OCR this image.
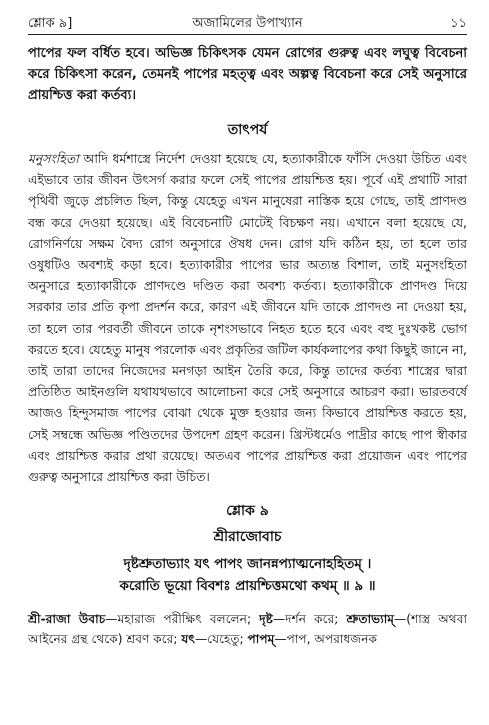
শ্লোক ৯]	অজামিলের উপাখ্যান	১১

পাপের ফল বর্ধিত হবে। অভিজ্ঞ চিকিৎসক যেমন রোগের গুরুত্ব এবং লঘুত্ব বিবেচনা করে চিকিৎসা করেন, তেমনই পাপের মহত্ত্ব এবং অল্পত্ব বিবেচনা করে সেই অনুসারে প্রায়শ্চিত্ত করা কর্তব্য।

তাৎপর্য

মনুসংহিতা আদি ধর্মশাস্ত্রে নির্দেশ দেওয়া হয়েছে যে, হত্যাকারীকে ফাঁসি দেওয়া উচিত এবং এইভাবে তার জীবন উৎসর্গ করার ফলে সেই পাপের প্রায়শ্চিত্ত হয়। পূর্বে এই প্রথাটি সারা পৃথিবী জুড়ে প্রচলিত ছিল, কিন্তু যেহেতু এখন মানুষেরা নাস্তিক হয়ে গেছে, তাই প্রাণদণ্ড বন্ধ করে দেওয়া হয়েছে। এই বিবেচনাটি মোটেই বিচক্ষণ নয়। এখানে বলা হয়েছে যে, রোগনির্ণয়ে সক্ষম বৈদ্য রোগ অনুসারে ঔষধ দেন। রোগ যদি কঠিন হয়, তা হলে তার ওষুধটিও অবশ্যই কড়া হবে। হত্যাকারীর পাপের ভার অত্যন্ত বিশাল, তাই মনুসংহিতা অনুসারে হত্যাকারীকে প্রাণদণ্ডে দণ্ডিত করা অবশ্য কর্তব্য। হত্যাকারীকে প্রাণদণ্ড দিয়ে সরকার তার প্রতি কৃপা প্রদর্শন করে, কারণ এই জীবনে যদি তাকে প্রাণদণ্ড না দেওয়া হয়, তা হলে তার পরবর্তী জীবনে তাকে নৃশংসভাবে নিহত হতে হবে এবং বহু দুঃখকষ্ট ভোগ করতে হবে। যেহেতু মানুষ পরলোক এবং প্রকৃতির জটিল কার্যকলাপের কথা কিছুই জানে না, তাই তারা তাদের নিজেদের মনগড়া আইন তৈরি করে, কিন্তু তাদের কর্তব্য শাস্ত্রের দ্বারা প্রতিষ্ঠিত আইনগুলি যথাযথভাবে আলোচনা করে সেই অনুসারে আচরণ করা। ভারতবর্ষে আজও হিন্দুসমাজ পাপের বোঝা থেকে মুক্ত হওয়ার জন্য কিভাবে প্রায়শ্চিত্ত করতে হয়, সেই সম্বন্ধে অভিজ্ঞ পণ্ডিতদের উপদেশ গ্রহণ করেন। খ্রিস্টধর্মেও পাদ্রীর কাছে পাপ স্বীকার এবং প্রায়শ্চিত্ত করার প্রথা রয়েছে। অতএব পাপের প্রায়শ্চিত্ত করা প্রয়োজন এবং পাপের গুরুত্ব অনুসারে প্রায়শ্চিত্ত করা উচিত।

শ্লোক ৯
শ্রীরাজোবাচ

দৃষ্টশ্রুতাভ্যাং যৎ পাপং জানন্নপ্যাত্মনোহহিতম্ ।

করোতি ভূয়ো বিবশঃ প্রায়শ্চিত্তমথো কথম্ ॥ ৯ ॥

শ্রী-রাজা উবাচ—মহারাজ পরীক্ষিৎ বললেন; দৃষ্ট—দর্শন করে; শ্রুতাভ্যাম্—(শাস্ত্র অথবা আইনের গ্রন্থ থেকে) শ্রবণ করে; যৎ—যেহেতু; পাপম্—পাপ, অপরাধজনক
